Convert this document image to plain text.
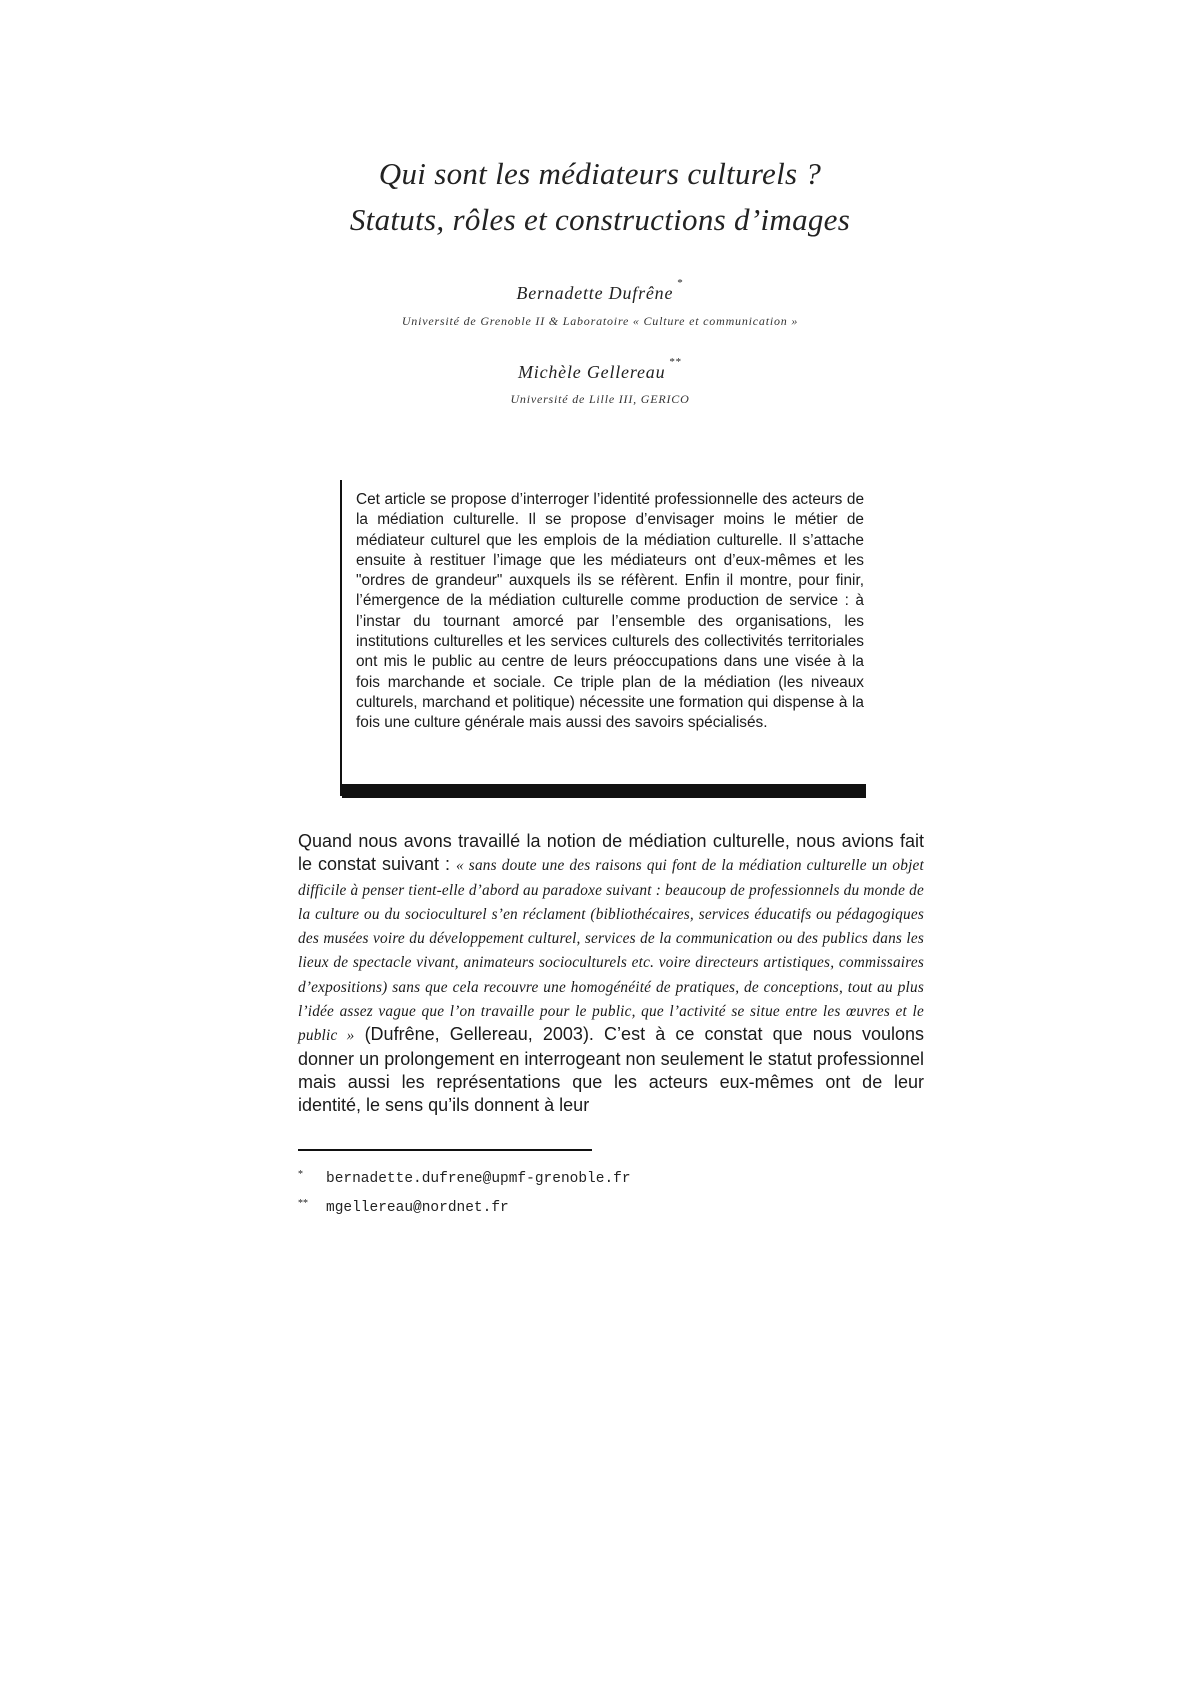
Qui sont les médiateurs culturels ?
Statuts, rôles et constructions d’images
Bernadette Dufrêne *
Université de Grenoble II & Laboratoire « Culture et communication »
Michèle Gellereau **
Université de Lille III, GERICO
Cet article se propose d’interroger l’identité professionnelle des acteurs de la médiation culturelle. Il se propose d’envisager moins le métier de médiateur culturel que les emplois de la médiation culturelle. Il s’attache ensuite à restituer l’image que les médiateurs ont d’eux-mêmes et les "ordres de grandeur" auxquels ils se réfèrent. Enfin il montre, pour finir, l’émergence de la médiation culturelle comme production de service : à l’instar du tournant amorcé par l’ensemble des organisations, les institutions culturelles et les services culturels des collectivités territoriales ont mis le public au centre de leurs préoccupations dans une visée à la fois marchande et sociale. Ce triple plan de la médiation (les niveaux culturels, marchand et politique) nécessite une formation qui dispense à la fois une culture générale mais aussi des savoirs spécialisés.
Quand nous avons travaillé la notion de médiation culturelle, nous avions fait le constat suivant : « sans doute une des raisons qui font de la médiation culturelle un objet difficile à penser tient-elle d’abord au paradoxe suivant : beaucoup de professionnels du monde de la culture ou du socioculturel s’en réclament (bibliothécaires, services éducatifs ou pédagogiques des musées voire du développement culturel, services de la communication ou des publics dans les lieux de spectacle vivant, animateurs socioculturels etc. voire directeurs artistiques, commissaires d’expositions) sans que cela recouvre une homogénéité de pratiques, de conceptions, tout au plus l’idée assez vague que l’on travaille pour le public, que l’activité se situe entre les œuvres et le public » (Dufrêne, Gellereau, 2003). C’est à ce constat que nous voulons donner un prolongement en interrogeant non seulement le statut professionnel mais aussi les représentations que les acteurs eux-mêmes ont de leur identité, le sens qu’ils donnent à leur
* bernadette.dufrene@upmf-grenoble.fr
** mgellereau@nordnet.fr
